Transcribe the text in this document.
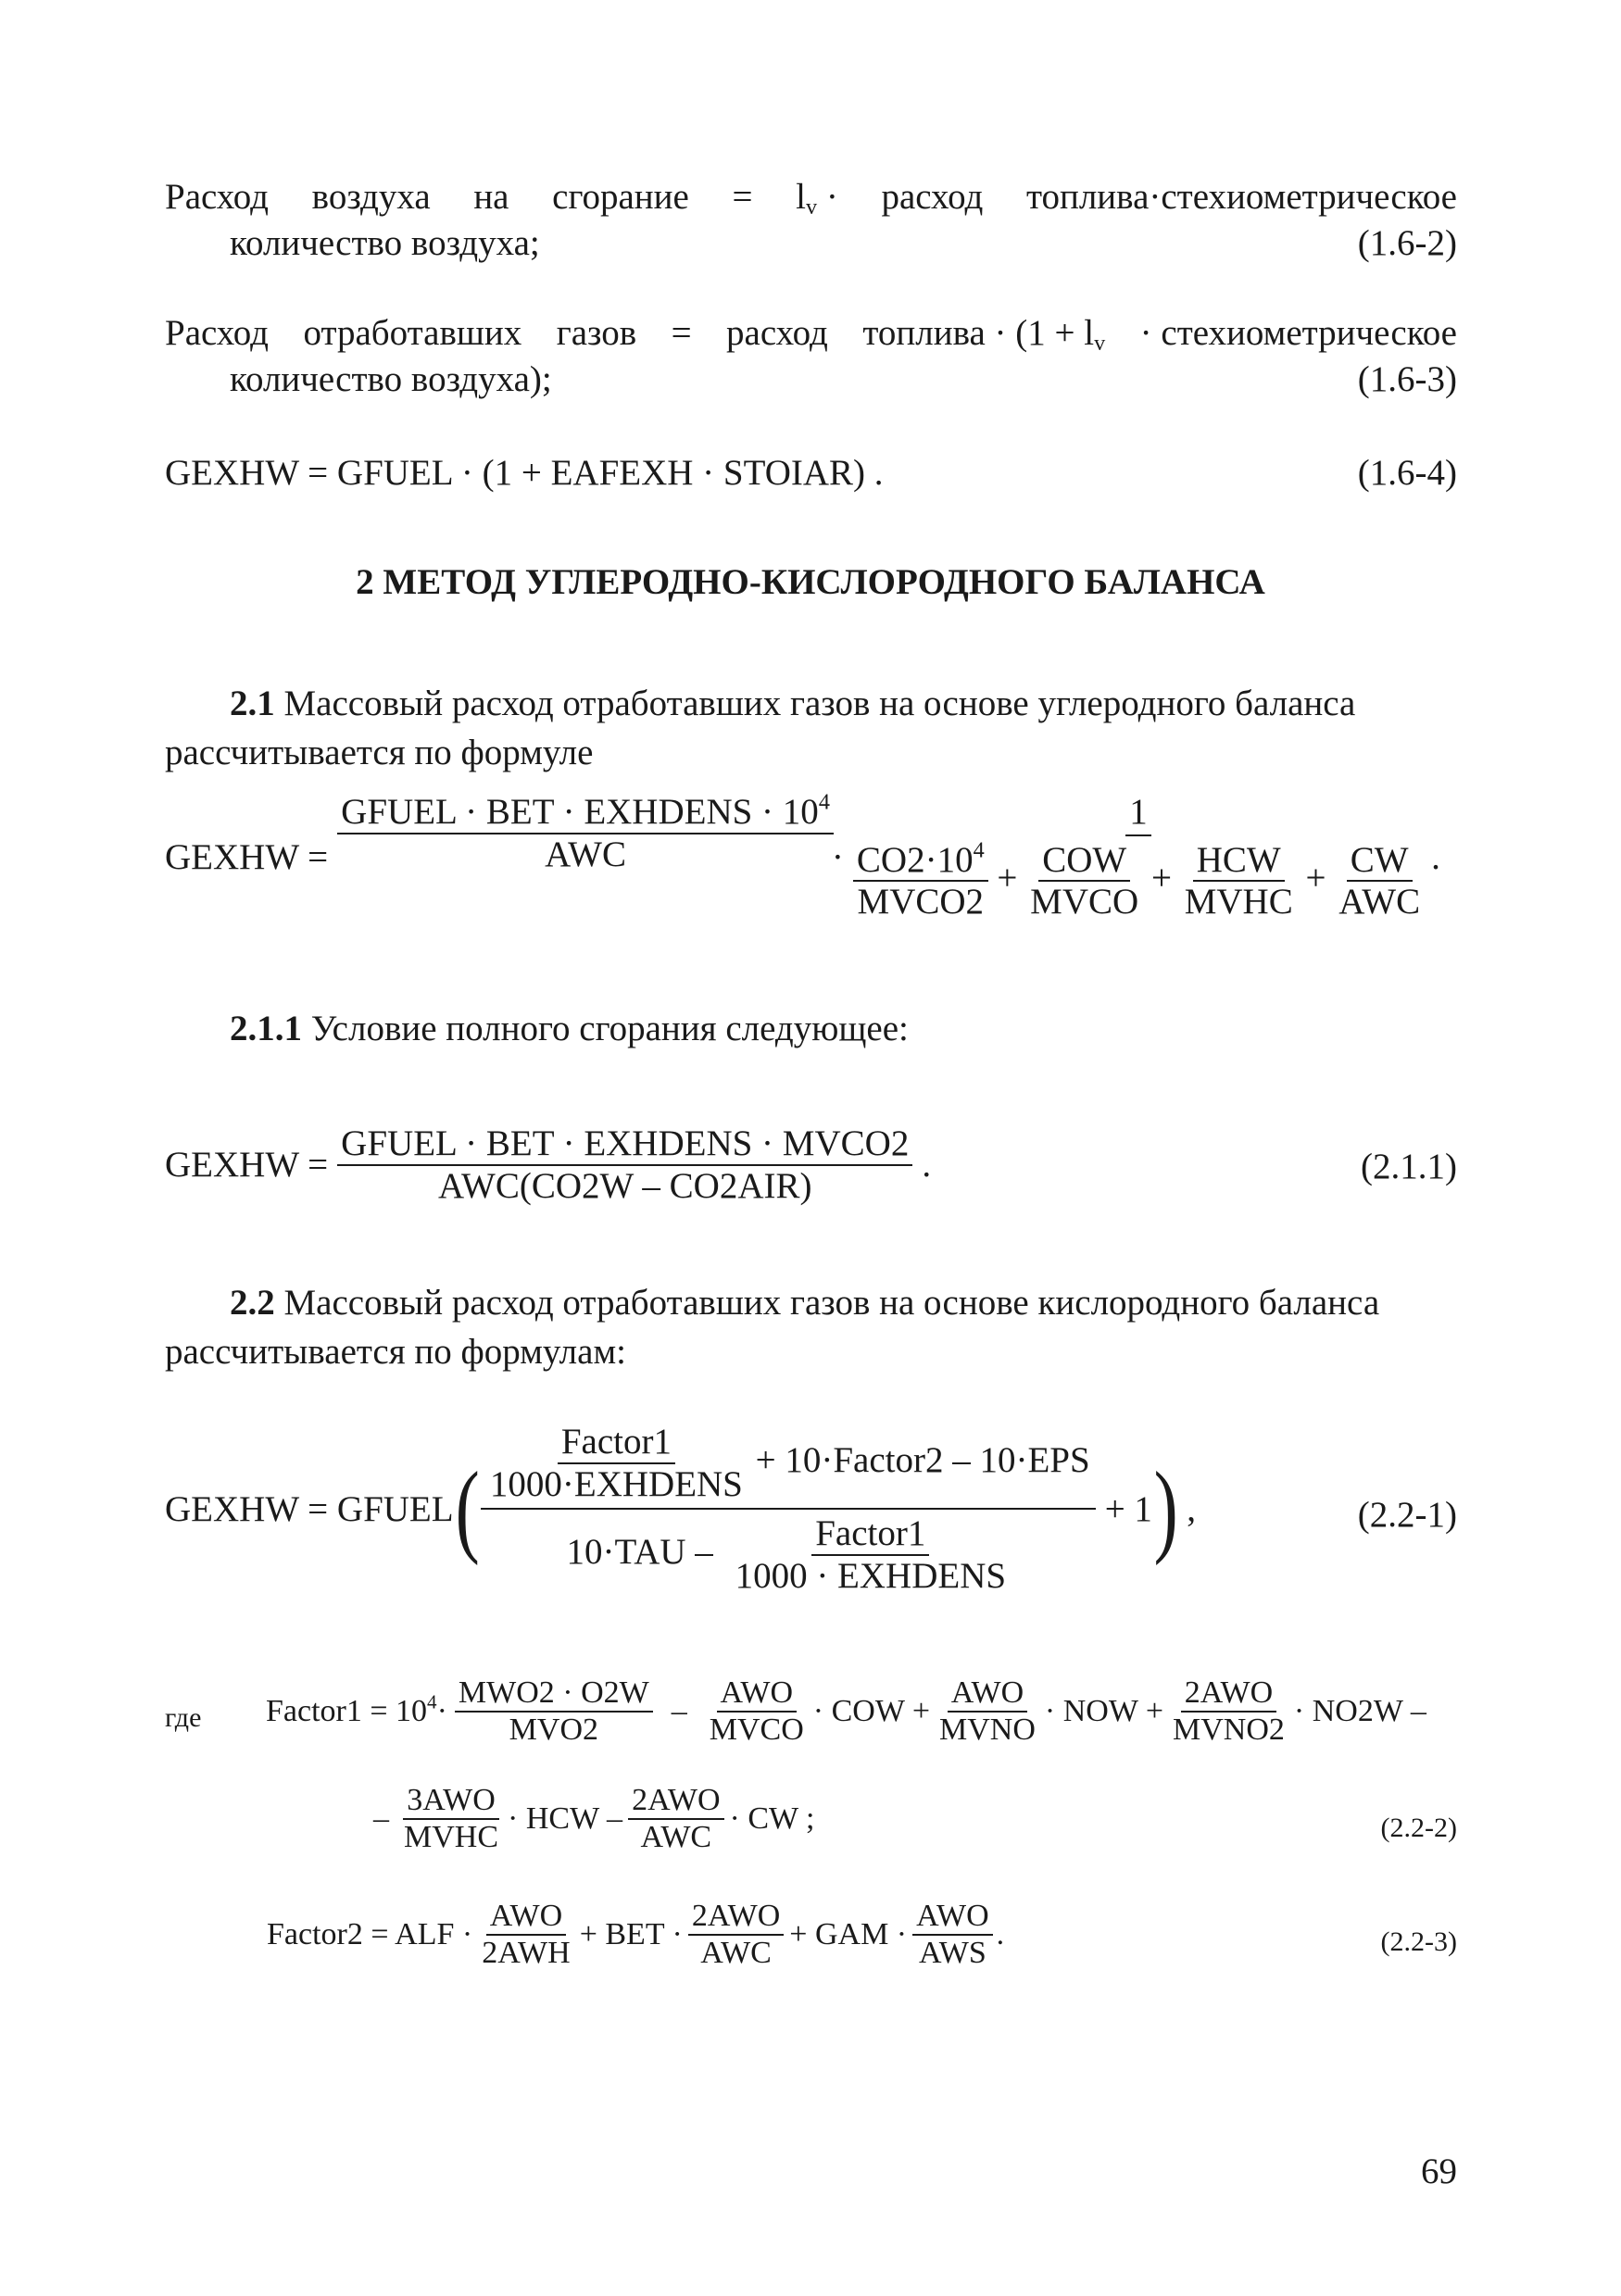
Расход воздуха на сгорание = $l_v$ · расход топлива·стехиометрическое
количество воздуха;	(1.6-2)
Расход отработавших газов = расход топлива · ($1 + l_v$ · стехиометрическое
количество воздуха);	(1.6-3)
GEXHW = GFUEL · (1 + EAFEXH · STOIAR) .	(1.6-4)
2 МЕТОД УГЛЕРОДНО-КИСЛОРОДНОГО БАЛАНСА
2.1 Массовый расход отработавших газов на основе углеродного баланса
рассчитывается по формуле
GEXHW = $\frac{GFUEL \cdot BET \cdot EXHDENS \cdot 10^4}{\text{AWC}}$
·
1
$\frac{CO2\cdot 10^4}{\text{MVCO2}} + \frac{\text{COW}}{\text{MVCO}} + \frac{\text{HCW}}{\text{MVHC}} + \frac{CW}{\text{AWC}}$ .
2.1.1 Условие полного сгорания следующее:
GEXHW = $\frac{\text{GFUEL · BET · EXHDENS · MVCO2}}{\text{AWC(CO2W – CO2AIR)}}$ .	(2.1.1)
2.2 Массовый расход отработавших газов на основе кислородного баланса
рассчитывается по формулам:
GEXHW = GFUEL ( $\frac{\frac{\text{Factor1}}{\text{1000·EXHDENS}} + 10\cdot Factor2 - 10\cdot EPS}{10\cdot TAU - \frac{\text{Factor1}}{\text{1000 · EXHDENS}}} + 1$ ) ,	(2.2-1)
где Factor1 = $10^4\cdot \frac{\text{MWO2 · O2W}}{\text{MVO2}} - \frac{\text{AWO}}{\text{MVCO}}$ · COW + $\frac{\text{AWO}}{\text{MVNO}}$ · NOW + $\frac{\text{2AWO}}{\text{MVNO2}} \cdot NO2W$ –
– $\frac{\text{3AWO}}{\text{MVHC}}$ · HCW – $\frac{\text{2AWO}}{\text{AWC}}$ · CW ;	(2.2-2)
Factor2 = ALF · $\frac{\text{AWO}}{\text{2AWH}}$ + BET · $\frac{\text{2AWO}}{\text{AWC}}$ + GAM · $\frac{\text{AWO}}{\text{AWS}}$ .	(2.2-3)
69
